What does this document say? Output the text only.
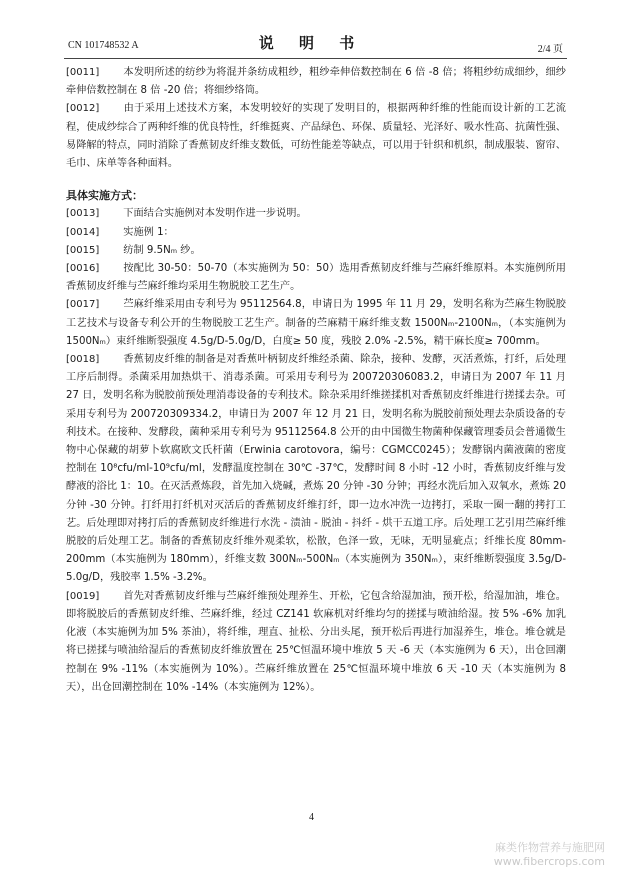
CN 101748532 A	说 明 书	2/4 页

[0011] 本发明所述的纺纱为将混并条纺成粗纱，粗纱牵伸倍数控制在 6 倍 -8 倍；将粗纱纺成细纱，细纱牵伸倍数控制在 8 倍 -20 倍；将细纱络筒。

[0012] 由于采用上述技术方案，本发明较好的实现了发明目的，根据两种纤维的性能而设计新的工艺流程，使成纱综合了两种纤维的优良特性，纤维挺爽、产品绿色、环保、质量轻、光泽好、吸水性高、抗菌性强、易降解的特点，同时消除了香蕉韧皮纤维支数低，可纺性能差等缺点，可以用于针织和机织，制成服装、窗帘、毛巾、床单等各种面料。

具体实施方式：

[0013] 下面结合实施例对本发明作进一步说明。

[0014] 实施例 1：

[0015] 纺制 9.5Nₘ 纱。

[0016] 按配比 30-50：50-70（本实施例为 50：50）选用香蕉韧皮纤维与苎麻纤维原料。本实施例所用香蕉韧皮纤维与苎麻纤维均采用生物脱胶工艺生产。

[0017] 苎麻纤维采用由专利号为 95112564.8，申请日为 1995 年 11 月 29，发明名称为苎麻生物脱胶工艺技术与设备专利公开的生物脱胶工艺生产。制备的苎麻精干麻纤维支数 1500Nₘ-2100Nₘ，（本实施例为 1500Nₘ）束纤维断裂强度 4.5g/D-5.0g/D，白度≥ 50 度，残胶 2.0% -2.5%，精干麻长度≥ 700mm。

[0018] 香蕉韧皮纤维的制备是对香蕉叶柄韧皮纤维经杀菌、除杂，接种、发酵，灭活煮炼，打纤，后处理工序后制得。杀菌采用加热烘干、消毒杀菌。可采用专利号为 200720306083.2，申请日为 2007 年 11 月 27 日，发明名称为脱胶前预处理消毒设备的专利技术。除杂采用纤维搓揉机对香蕉韧皮纤维进行搓揉去杂。可采用专利号为 200720309334.2，申请日为 2007 年 12 月 21 日，发明名称为脱胶前预处理去杂质设备的专利技术。在接种、发酵段，菌种采用专利号为 95112564.8 公开的由中国微生物菌种保藏管理委员会普通微生物中心保藏的胡萝卜软腐欧文氏杆菌（Erwinia carotovora，编号：CGMCC0245）；发酵锅内菌液菌的密度控制在 10⁸cfu/ml-10⁹cfu/ml，发酵温度控制在 30℃ -37℃，发酵时间 8 小时 -12 小时，香蕉韧皮纤维与发酵液的浴比 1：10。在灭活煮炼段，首先加入烧碱，煮炼 20 分钟 -30 分钟；再经水洗后加入双氧水，煮炼 20 分钟 -30 分钟。打纤用打纤机对灭活后的香蕉韧皮纤维打纤，即一边水冲洗一边拷打，采取一圈一翻的拷打工艺。后处理即对拷打后的香蕉韧皮纤维进行水洗 - 渍油 - 脱油 - 抖纤 - 烘干五道工序。后处理工艺引用苎麻纤维脱胶的后处理工艺。制备的香蕉韧皮纤维外观柔软，松散，色泽一致，无味，无明显疵点；纤维长度 80mm-200mm（本实施例为 180mm），纤维支数 300Nₘ-500Nₘ（本实施例为 350Nₘ），束纤维断裂强度 3.5g/D-5.0g/D，残胶率 1.5% -3.2%。

[0019] 首先对香蕉韧皮纤维与苎麻纤维预处理养生、开松，它包含给湿加油，预开松，给湿加油，堆仓。即将脱胶后的香蕉韧皮纤维、苎麻纤维，经过 CZ141 软麻机对纤维均匀的搓揉与喷油给湿。按 5% -6% 加乳化液（本实施例为加 5% 茶油），将纤维，理直、扯松、分出头尾，预开松后再进行加湿养生，堆仓。堆仓就是将已搓揉与喷油给湿后的香蕉韧皮纤维放置在 25℃恒温环境中堆放 5 天 -6 天（本实施例为 6 天），出仓回潮控制在 9% -11%（本实施例为 10%）。苎麻纤维放置在 25℃恒温环境中堆放 6 天 -10 天（本实施例为 8 天），出仓回潮控制在 10% -14%（本实施例为 12%）。

4
麻类作物营养与施肥网
www.fibercrops.com
